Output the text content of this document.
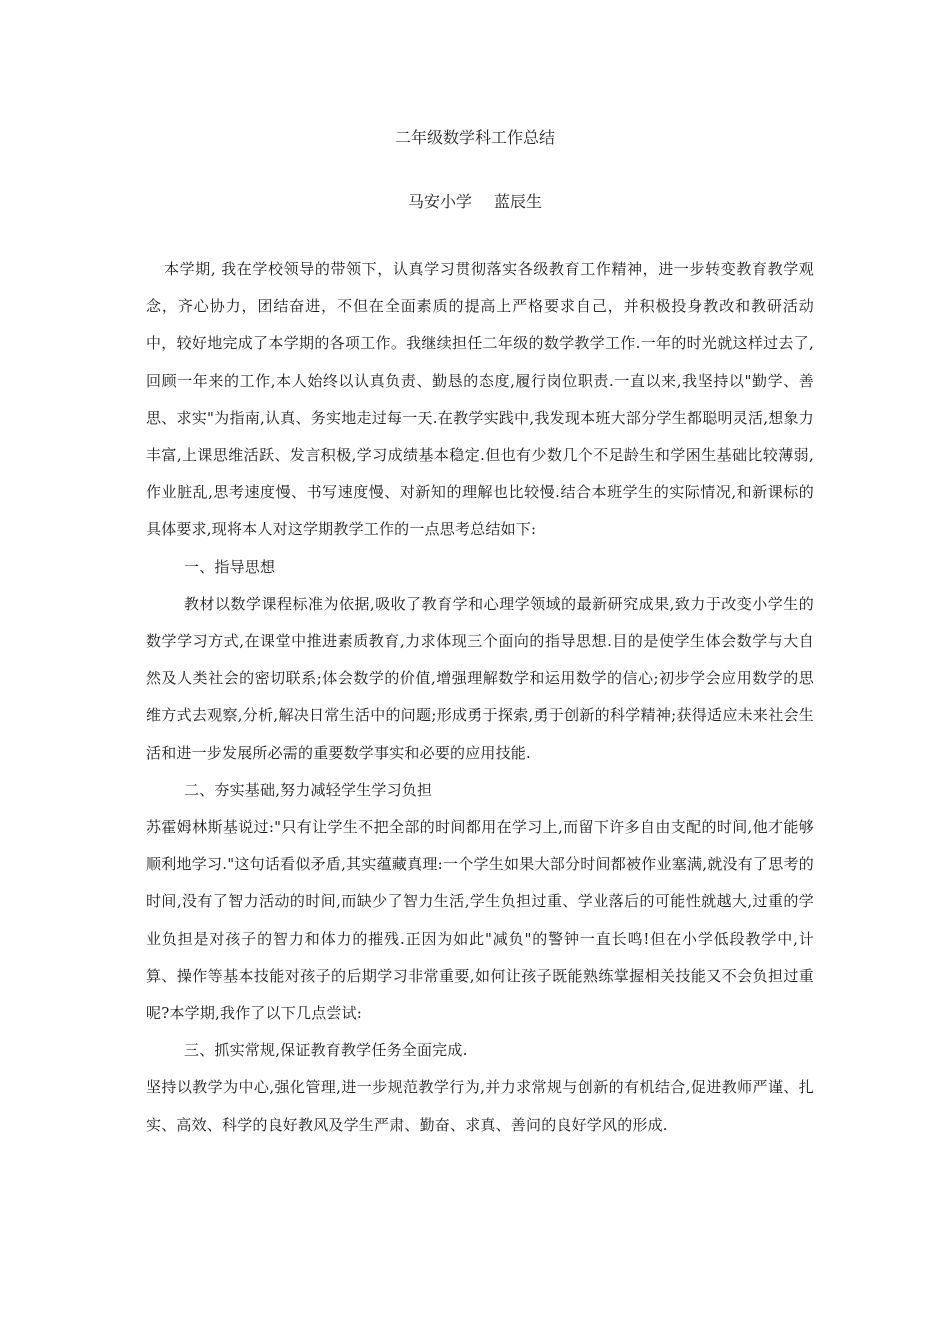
二年级数学科工作总结
马安小学 蓝辰生

本学期, 我在学校领导的带领下，认真学习贯彻落实各级教育工作精神，进一步转变教育教学观念，齐心协力，团结奋进，不但在全面素质的提高上严格要求自己，并积极投身教改和教研活动中，较好地完成了本学期的各项工作。我继续担任二年级的数学教学工作.一年的时光就这样过去了,回顾一年来的工作,本人始终以认真负责、勤恳的态度,履行岗位职责.一直以来,我坚持以"勤学、善思、求实"为指南,认真、务实地走过每一天.在教学实践中,我发现本班大部分学生都聪明灵活,想象力丰富,上课思维活跃、发言积极,学习成绩基本稳定.但也有少数几个不足龄生和学困生基础比较薄弱,作业脏乱,思考速度慢、书写速度慢、对新知的理解也比较慢.结合本班学生的实际情况,和新课标的具体要求,现将本人对这学期教学工作的一点思考总结如下:

一、指导思想

教材以数学课程标准为依据,吸收了教育学和心理学领域的最新研究成果,致力于改变小学生的数学学习方式,在课堂中推进素质教育,力求体现三个面向的指导思想.目的是使学生体会数学与大自然及人类社会的密切联系;体会数学的价值,增强理解数学和运用数学的信心;初步学会应用数学的思维方式去观察,分析,解决日常生活中的问题;形成勇于探索,勇于创新的科学精神;获得适应未来社会生活和进一步发展所必需的重要数学事实和必要的应用技能.

二、夯实基础,努力减轻学生学习负担

苏霍姆林斯基说过:"只有让学生不把全部的时间都用在学习上,而留下许多自由支配的时间,他才能够顺利地学习."这句话看似矛盾,其实蕴藏真理:一个学生如果大部分时间都被作业塞满,就没有了思考的时间,没有了智力活动的时间,而缺少了智力生活,学生负担过重、学业落后的可能性就越大,过重的学业负担是对孩子的智力和体力的摧残.正因为如此"减负"的警钟一直长鸣!但在小学低段教学中,计算、操作等基本技能对孩子的后期学习非常重要,如何让孩子既能熟练掌握相关技能又不会负担过重呢?本学期,我作了以下几点尝试:

三、抓实常规,保证教育教学任务全面完成.

坚持以教学为中心,强化管理,进一步规范教学行为,并力求常规与创新的有机结合,促进教师严谨、扎实、高效、科学的良好教风及学生严肃、勤奋、求真、善问的良好学风的形成.
